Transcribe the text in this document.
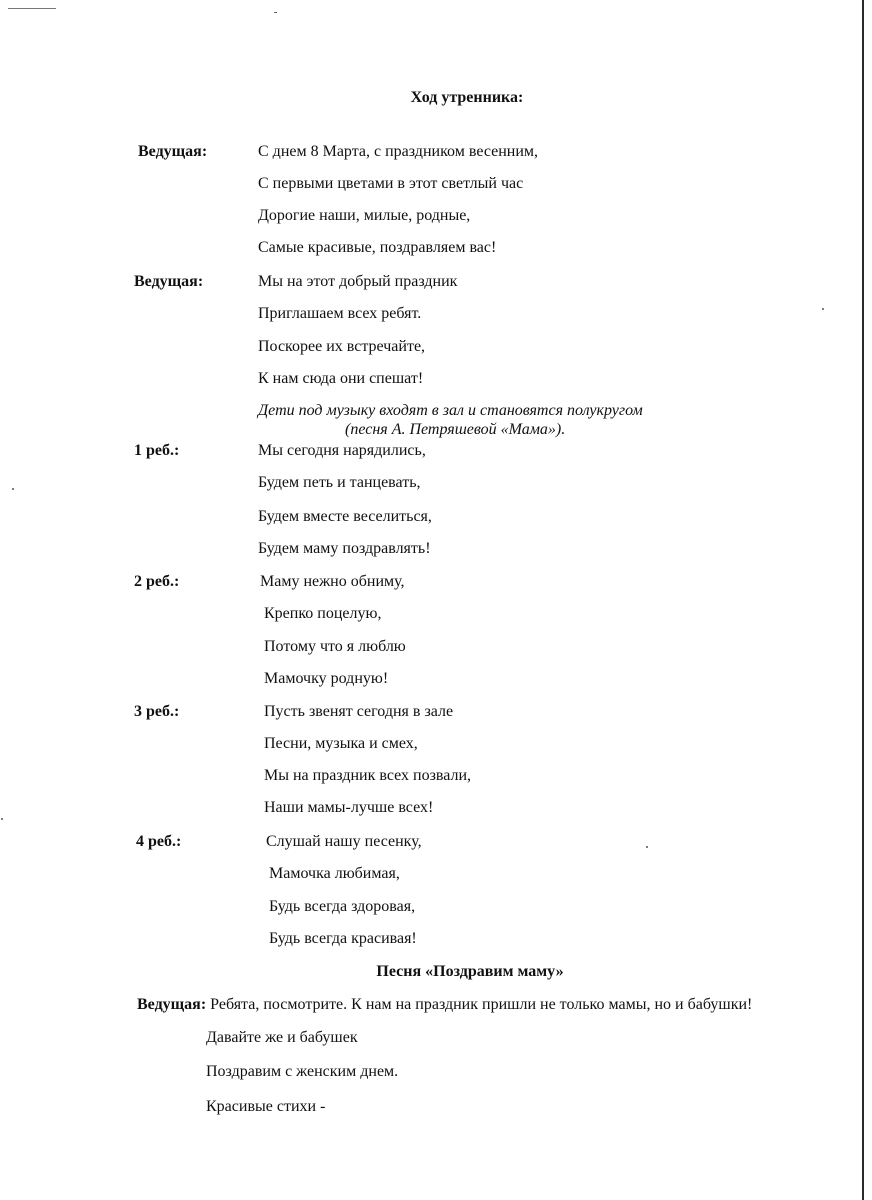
Ход утренника:
Ведущая:	С днем 8 Марта, с праздником весенним,
С первыми цветами в этот светлый час
Дорогие наши, милые, родные,
Самые красивые, поздравляем вас!
Ведущая:	Мы на этот добрый праздник
Приглашаем всех ребят.
Поскорее их встречайте,
К нам сюда они спешат!
Дети под музыку входят в зал и становятся полукругом
(песня А. Петряшевой «Мама»).
1 реб.:	Мы сегодня нарядились,
Будем петь и танцевать,
Будем вместе веселиться,
Будем маму поздравлять!
2 реб.:	Маму нежно обниму,
Крепко поцелую,
Потому что я люблю
Мамочку родную!
3 реб.:	Пусть звенят сегодня в зале
Песни, музыка и смех,
Мы на праздник всех позвали,
Наши мамы-лучше всех!
4 реб.:	Слушай нашу песенку,
Мамочка любимая,
Будь всегда здоровая,
Будь всегда красивая!
Песня «Поздравим маму»
Ведущая: Ребята, посмотрите. К нам на праздник пришли не только мамы, но и бабушки!
Давайте же и бабушек
Поздравим с женским днем.
Красивые стихи -
